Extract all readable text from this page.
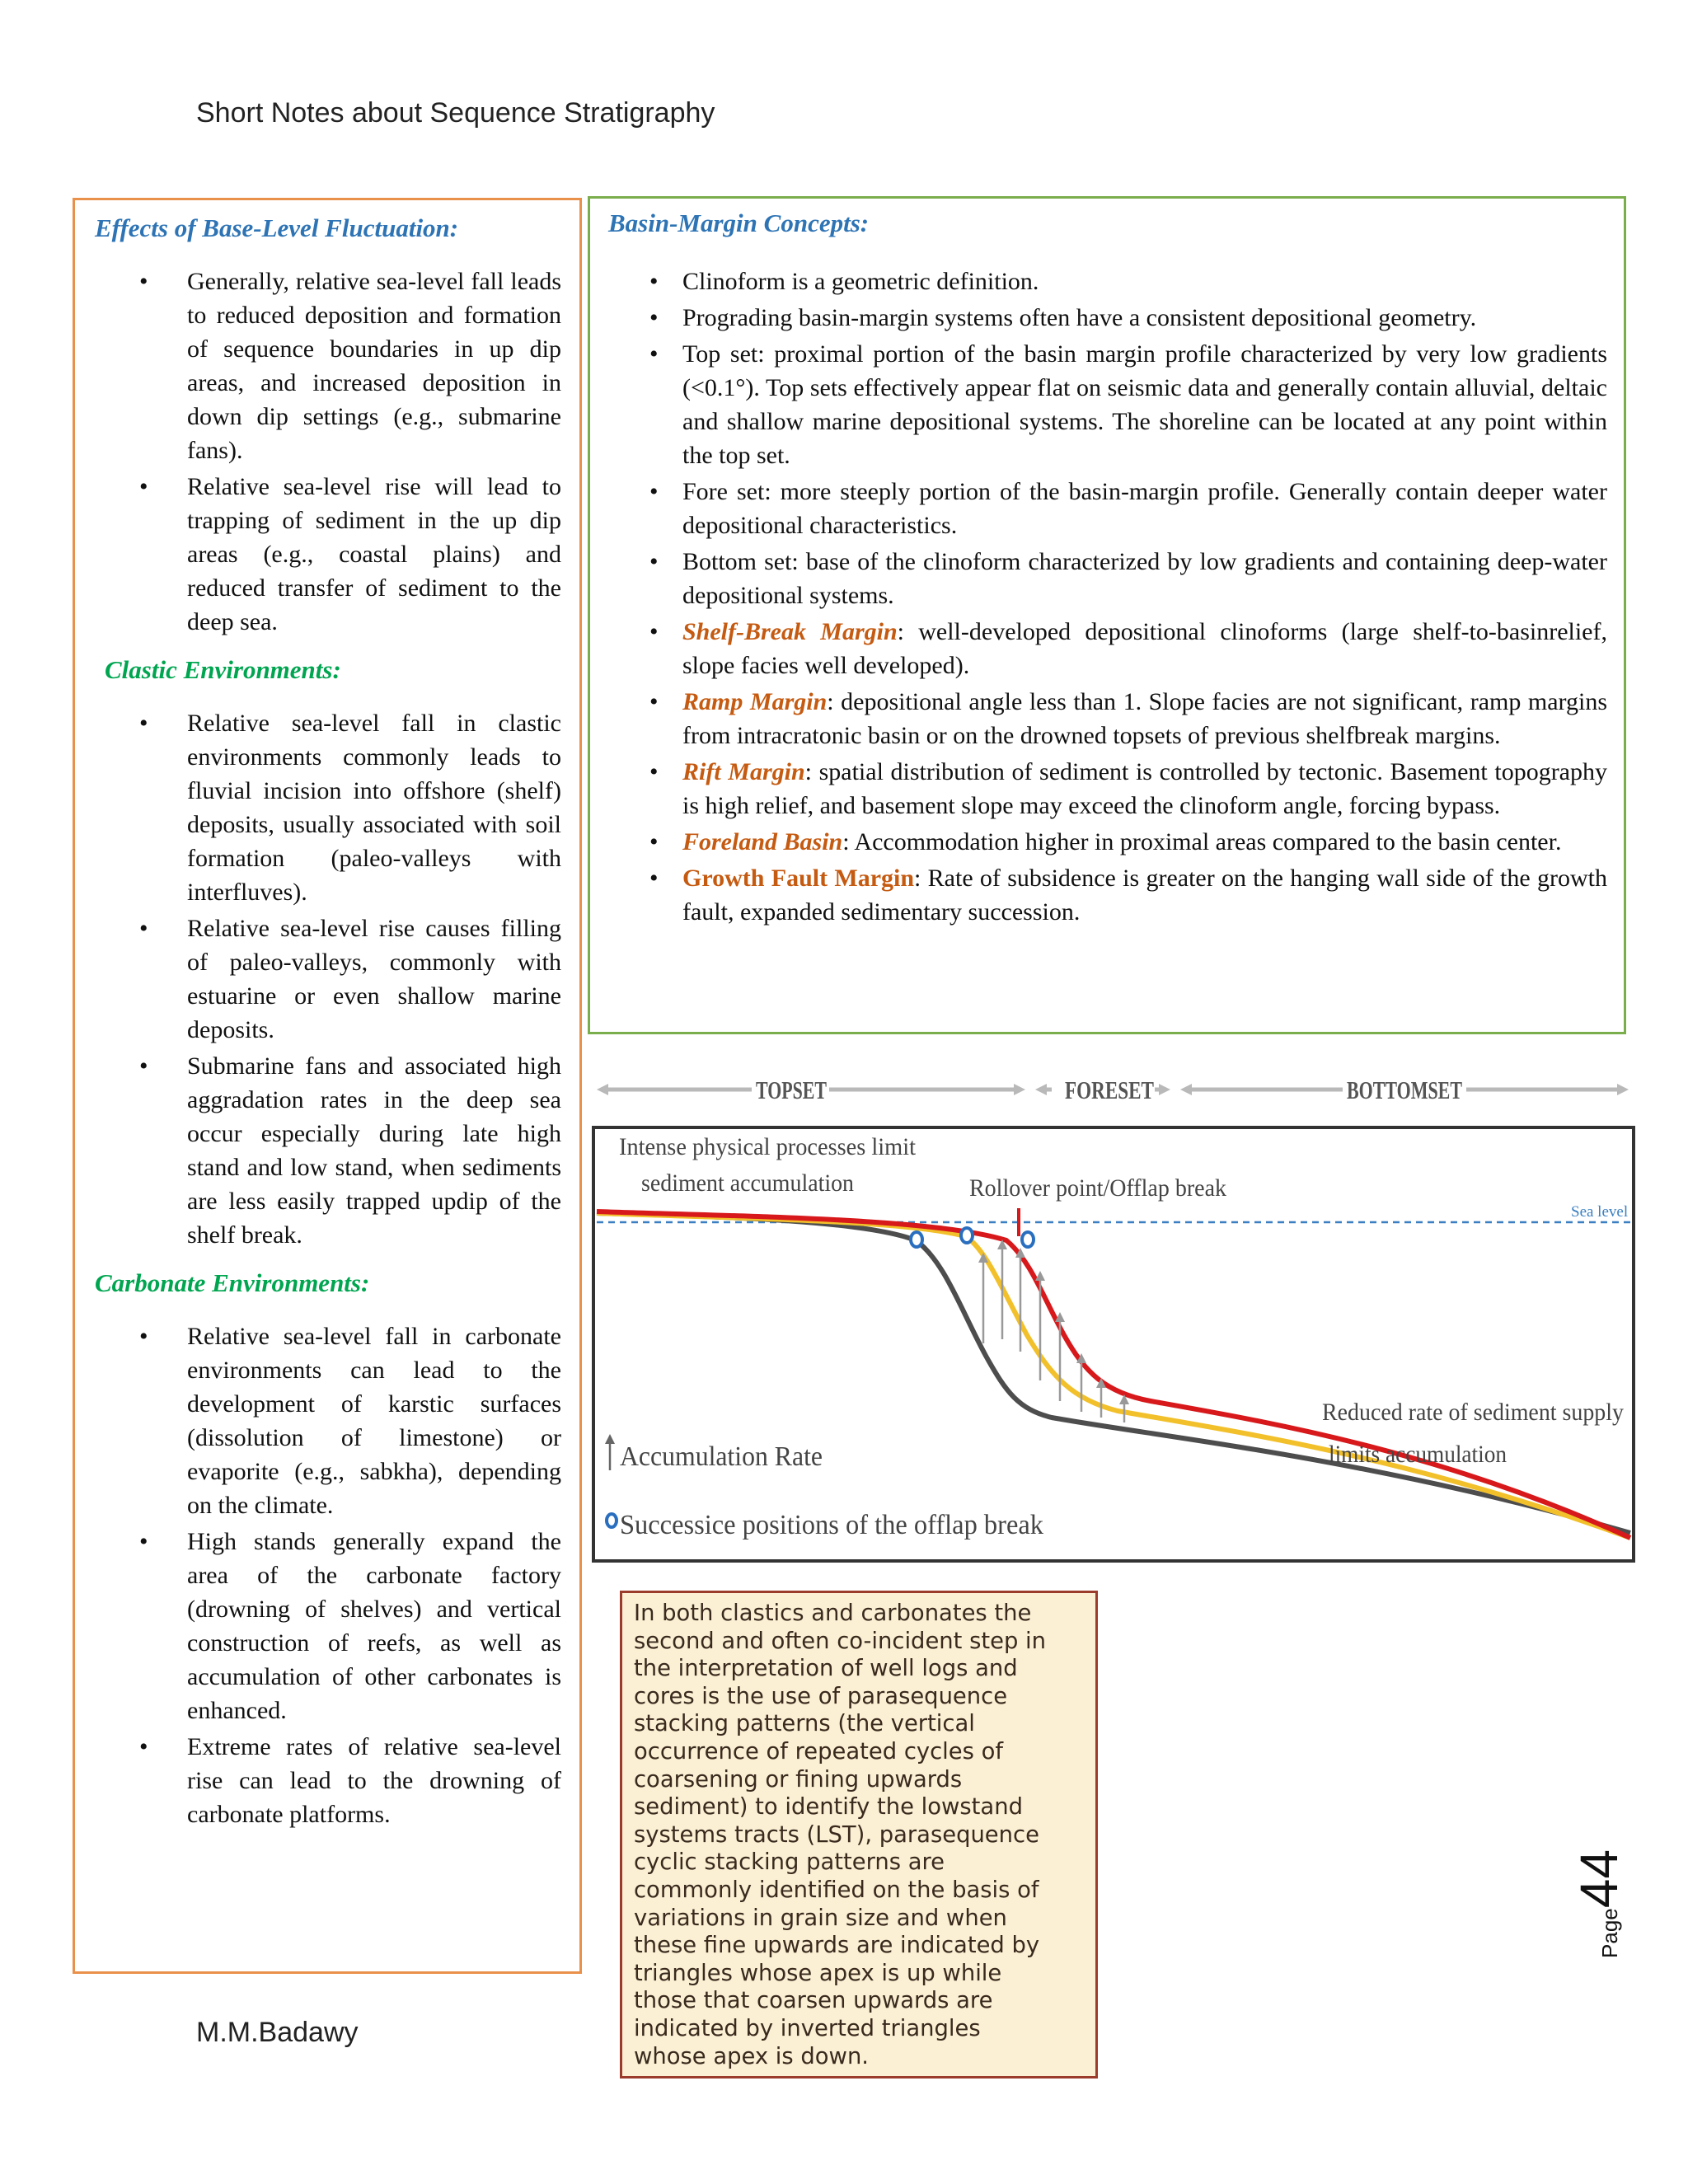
Short Notes about Sequence Stratigraphy
Effects of Base-Level Fluctuation:
• Generally, relative sea-level fall leads to reduced deposition and formation of sequence boundaries in up dip areas, and increased deposition in down dip settings (e.g., submarine fans).
• Relative sea-level rise will lead to trapping of sediment in the up dip areas (e.g., coastal plains) and reduced transfer of sediment to the deep sea.
Clastic Environments:
• Relative sea-level fall in clastic environments commonly leads to fluvial incision into offshore (shelf) deposits, usually associated with soil formation (paleo-valleys with interfluves).
• Relative sea-level rise causes filling of paleo-valleys, commonly with estuarine or even shallow marine deposits.
• Submarine fans and associated high aggradation rates in the deep sea occur especially during late high stand and low stand, when sediments are less easily trapped updip of the shelf break.
Carbonate Environments:
• Relative sea-level fall in carbonate environments can lead to the development of karstic surfaces (dissolution of limestone) or evaporite (e.g., sabkha), depending on the climate.
• High stands generally expand the area of the carbonate factory (drowning of shelves) and vertical construction of reefs, as well as accumulation of other carbonates is enhanced.
• Extreme rates of relative sea-level rise can lead to the drowning of carbonate platforms.
Basin-Margin Concepts:
• Clinoform is a geometric definition.
• Prograding basin-margin systems often have a consistent depositional geometry.
• Top set: proximal portion of the basin margin profile characterized by very low gradients (<0.1°). Top sets effectively appear flat on seismic data and generally contain alluvial, deltaic and shallow marine depositional systems. The shoreline can be located at any point within the top set.
• Fore set: more steeply portion of the basin-margin profile. Generally contain deeper water depositional characteristics.
• Bottom set: base of the clinoform characterized by low gradients and containing deep-water depositional systems.
• Shelf-Break Margin: well-developed depositional clinoforms (large shelf-to-basinrelief, slope facies well developed).
• Ramp Margin: depositional angle less than 1. Slope facies are not significant, ramp margins from intracratonic basin or on the drowned topsets of previous shelfbreak margins.
• Rift Margin: spatial distribution of sediment is controlled by tectonic. Basement topography is high relief, and basement slope may exceed the clinoform angle, forcing bypass.
• Foreland Basin: Accommodation higher in proximal areas compared to the basin center.
• Growth Fault Margin: Rate of subsidence is greater on the hanging wall side of the growth fault, expanded sedimentary succession.
TOPSET	FORESET	BOTTOMSET
Sea level
Intense physical processes limit
sediment accumulation	Rollover point/Offlap break
Reduced rate of sediment supply
limits accumulation
Accumulation Rate
Successice positions of the offlap break
In both clastics and carbonates the
second and often co-incident step in
the interpretation of well logs and
cores is the use of parasequence
stacking patterns (the vertical
occurrence of repeated cycles of
coarsening or fining upwards
sediment) to identify the lowstand
systems tracts (LST), parasequence
cyclic stacking patterns are
commonly identified on the basis of
variations in grain size and when
these fine upwards are indicated by
triangles whose apex is up while
those that coarsen upwards are
indicated by inverted triangles
whose apex is down.
Page44
M.M.Badawy
